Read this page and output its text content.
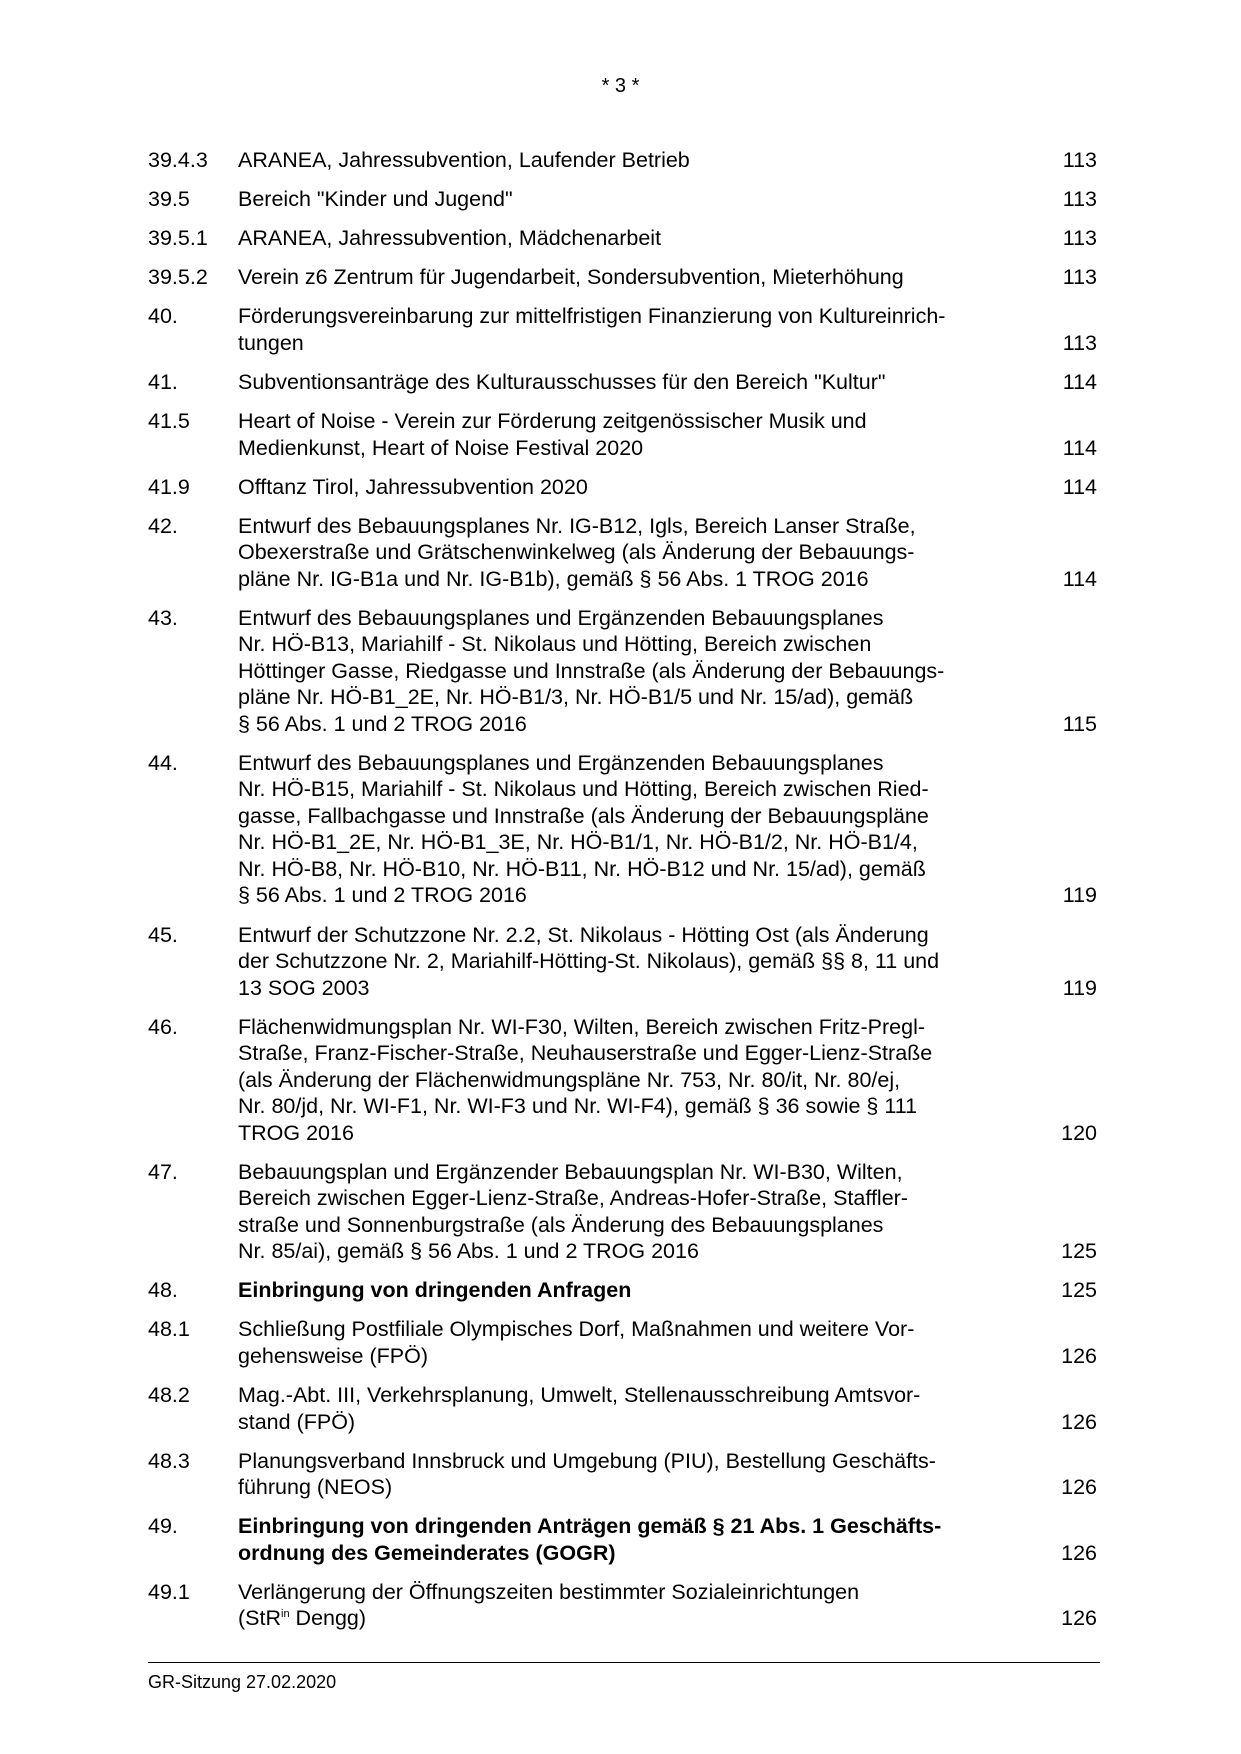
* 3 *
39.4.3	ARANEA, Jahressubvention, Laufender Betrieb	113
39.5	Bereich "Kinder und Jugend"	113
39.5.1	ARANEA, Jahressubvention, Mädchenarbeit	113
39.5.2	Verein z6 Zentrum für Jugendarbeit, Sondersubvention, Mieterhöhung	113
40.	Förderungsvereinbarung zur mittelfristigen Finanzierung von Kultureinrich-
tungen	113
41.	Subventionsanträge des Kulturausschusses für den Bereich "Kultur"	114
41.5	Heart of Noise - Verein zur Förderung zeitgenössischer Musik und
Medienkunst, Heart of Noise Festival 2020	114
41.9	Offtanz Tirol, Jahressubvention 2020	114
42.	Entwurf des Bebauungsplanes Nr. IG-B12, Igls, Bereich Lanser Straße,
Obexerstraße und Grätschenwinkelweg (als Änderung der Bebauungs-
pläne Nr. IG-B1a und Nr. IG-B1b), gemäß § 56 Abs. 1 TROG 2016	114
43.	Entwurf des Bebauungsplanes und Ergänzenden Bebauungsplanes
Nr. HÖ-B13, Mariahilf - St. Nikolaus und Hötting, Bereich zwischen
Höttinger Gasse, Riedgasse und Innstraße (als Änderung der Bebauungs-
pläne Nr. HÖ-B1_2E, Nr. HÖ-B1/3, Nr. HÖ-B1/5 und Nr. 15/ad), gemäß
§ 56 Abs. 1 und 2 TROG 2016	115
44.	Entwurf des Bebauungsplanes und Ergänzenden Bebauungsplanes
Nr. HÖ-B15, Mariahilf - St. Nikolaus und Hötting, Bereich zwischen Ried-
gasse, Fallbachgasse und Innstraße (als Änderung der Bebauungspläne
Nr. HÖ-B1_2E, Nr. HÖ-B1_3E, Nr. HÖ-B1/1, Nr. HÖ-B1/2, Nr. HÖ-B1/4,
Nr. HÖ-B8, Nr. HÖ-B10, Nr. HÖ-B11, Nr. HÖ-B12 und Nr. 15/ad), gemäß
§ 56 Abs. 1 und 2 TROG 2016	119
45.	Entwurf der Schutzzone Nr. 2.2, St. Nikolaus - Hötting Ost (als Änderung
der Schutzzone Nr. 2, Mariahilf-Hötting-St. Nikolaus), gemäß §§ 8, 11 und
13 SOG 2003	119
46.	Flächenwidmungsplan Nr. WI-F30, Wilten, Bereich zwischen Fritz-Pregl-
Straße, Franz-Fischer-Straße, Neuhauserstraße und Egger-Lienz-Straße
(als Änderung der Flächenwidmungspläne Nr. 753, Nr. 80/it, Nr. 80/ej,
Nr. 80/jd, Nr. WI-F1, Nr. WI-F3 und Nr. WI-F4), gemäß § 36 sowie § 111
TROG 2016	120
47.	Bebauungsplan und Ergänzender Bebauungsplan Nr. WI-B30, Wilten,
Bereich zwischen Egger-Lienz-Straße, Andreas-Hofer-Straße, Staffler-
straße und Sonnenburgstraße (als Änderung des Bebauungsplanes
Nr. 85/ai), gemäß § 56 Abs. 1 und 2 TROG 2016	125
48.	Einbringung von dringenden Anfragen	125
48.1	Schließung Postfiliale Olympisches Dorf, Maßnahmen und weitere Vor-
gehensweise (FPÖ)	126
48.2	Mag.-Abt. III, Verkehrsplanung, Umwelt, Stellenausschreibung Amtsvor-
stand (FPÖ)	126
48.3	Planungsverband Innsbruck und Umgebung (PIU), Bestellung Geschäfts-
führung (NEOS)	126
49.	Einbringung von dringenden Anträgen gemäß § 21 Abs. 1 Geschäfts-
ordnung des Gemeinderates (GOGR)	126
49.1	Verlängerung der Öffnungszeiten bestimmter Sozialeinrichtungen
(StR$^{in}$ Dengg)	126
GR-Sitzung 27.02.2020
